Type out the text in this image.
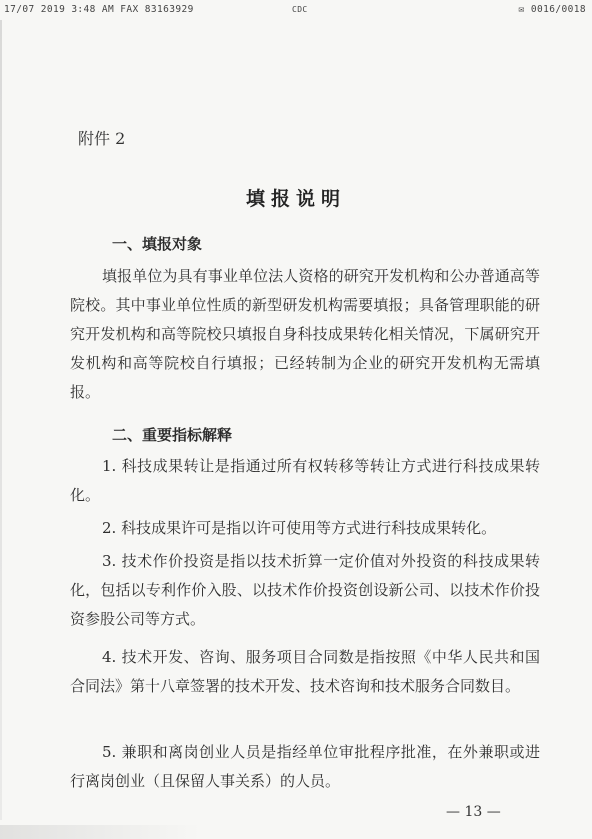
17/07 2019 3:48 AM FAX 83163929	CDC	✉ 0016/0018
附件 2
填报说明
一、填报对象
填报单位为具有事业单位法人资格的研究开发机构和公办普通高等院校。其中事业单位性质的新型研发机构需要填报；具备管理职能的研究开发机构和高等院校只填报自身科技成果转化相关情况，下属研究开发机构和高等院校自行填报；已经转制为企业的研究开发机构无需填报。
二、重要指标解释
1. 科技成果转让是指通过所有权转移等转让方式进行科技成果转化。
2. 科技成果许可是指以许可使用等方式进行科技成果转化。
3. 技术作价投资是指以技术折算一定价值对外投资的科技成果转化，包括以专利作价入股、以技术作价投资创设新公司、以技术作价投资参股公司等方式。
4. 技术开发、咨询、服务项目合同数是指按照《中华人民共和国合同法》第十八章签署的技术开发、技术咨询和技术服务合同数目。
5. 兼职和离岗创业人员是指经单位审批程序批准，在外兼职或进行离岗创业（且保留人事关系）的人员。
— 13 —
